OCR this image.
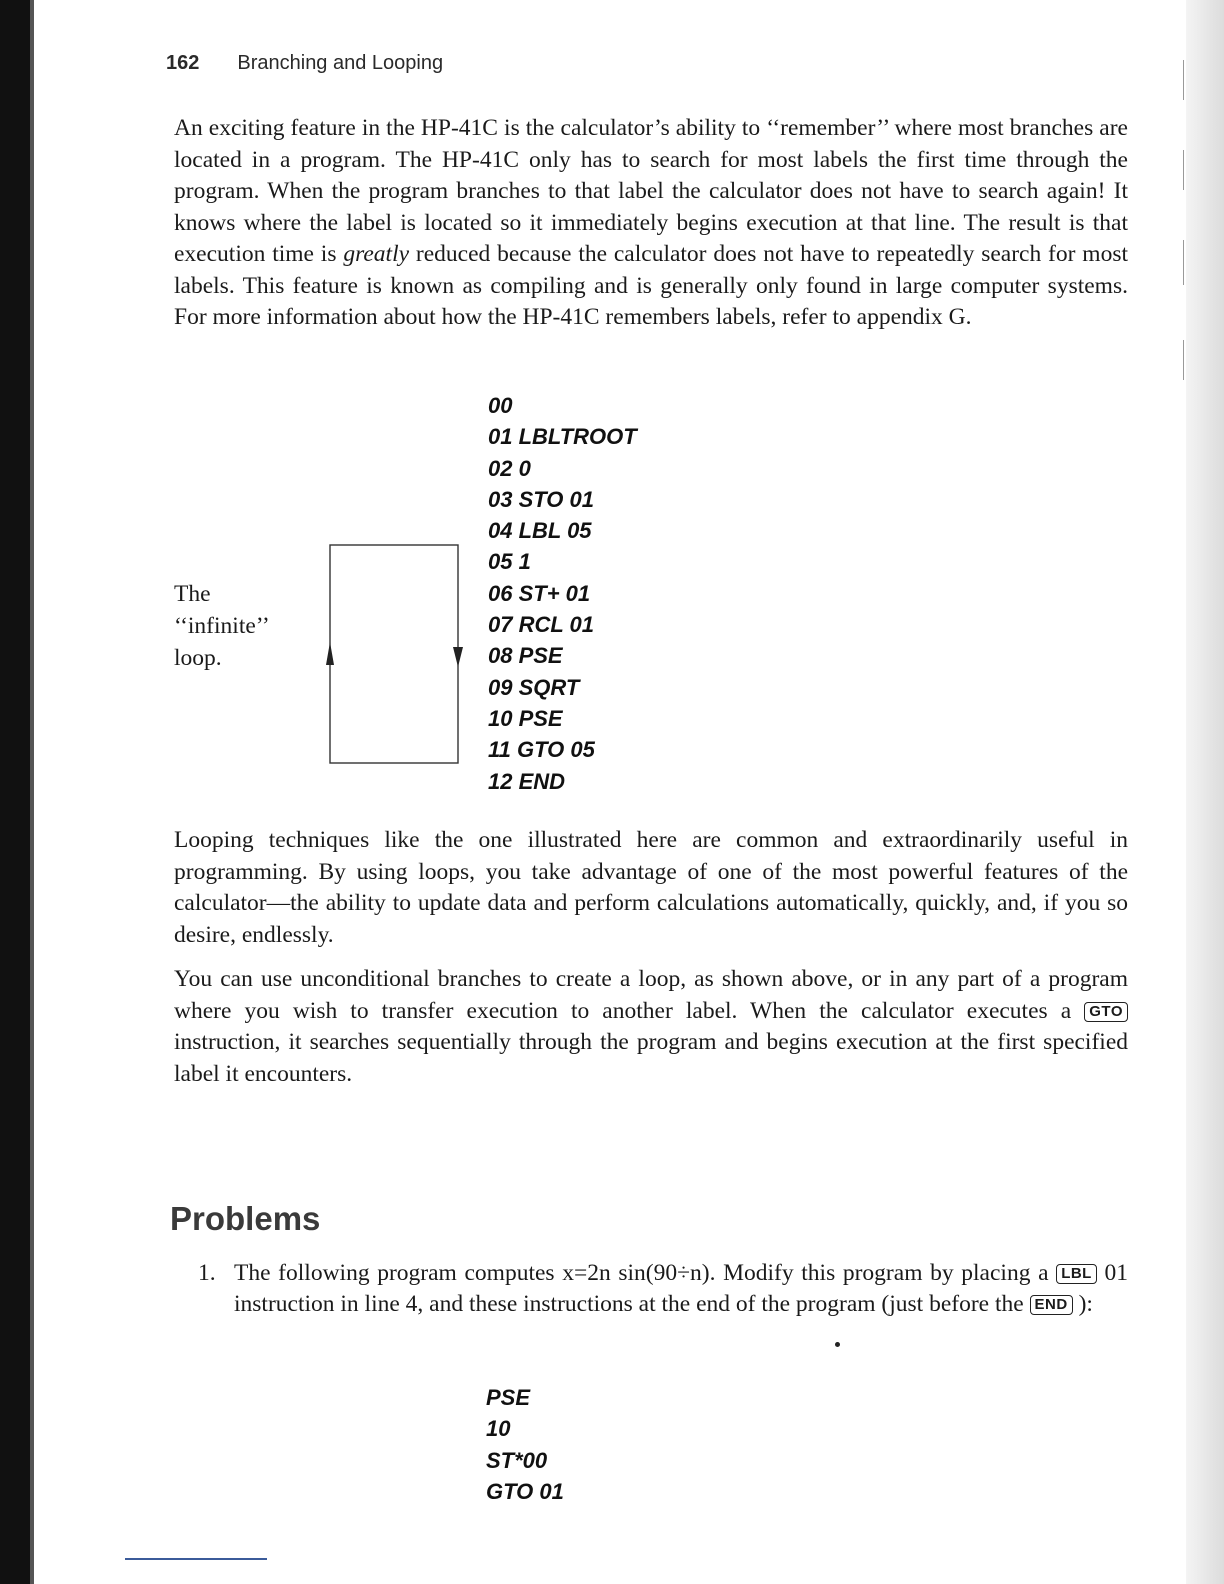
162 Branching and Looping

An exciting feature in the HP-41C is the calculator’s ability to ‘‘remember’’ where most branches are located in a program. The HP-41C only has to search for most labels the first time through the program. When the program branches to that label the calculator does not have to search again! It knows where the label is located so it immediately begins execution at that line. The result is that execution time is greatly reduced because the calculator does not have to repeatedly search for most labels. This feature is known as compiling and is generally only found in large computer systems. For more information about how the HP-41C remembers labels, refer to appendix G.

00
01 LBLTROOT
02 0
03 STO 01
04 LBL 05
05 1
06 ST+ 01
07 RCL 01
08 PSE
09 SQRT
10 PSE
11 GTO 05
12 END
The
‘‘infinite’’
loop.

Looping techniques like the one illustrated here are common and extraordinarily useful in programming. By using loops, you take advantage of one of the most powerful features of the calculator—the ability to update data and perform calculations automatically, quickly, and, if you so desire, endlessly.

You can use unconditional branches to create a loop, as shown above, or in any part of a program where you wish to transfer execution to another label. When the calculator executes a GTO instruction, it searches sequentially through the program and begins execution at the first specified label it encounters.

Problems
1. The following program computes x=2n sin(90÷n). Modify this program by placing a LBL 01 instruction in line 4, and these instructions at the end of the program (just before the END ):

PSE
10
ST*00
GTO 01
